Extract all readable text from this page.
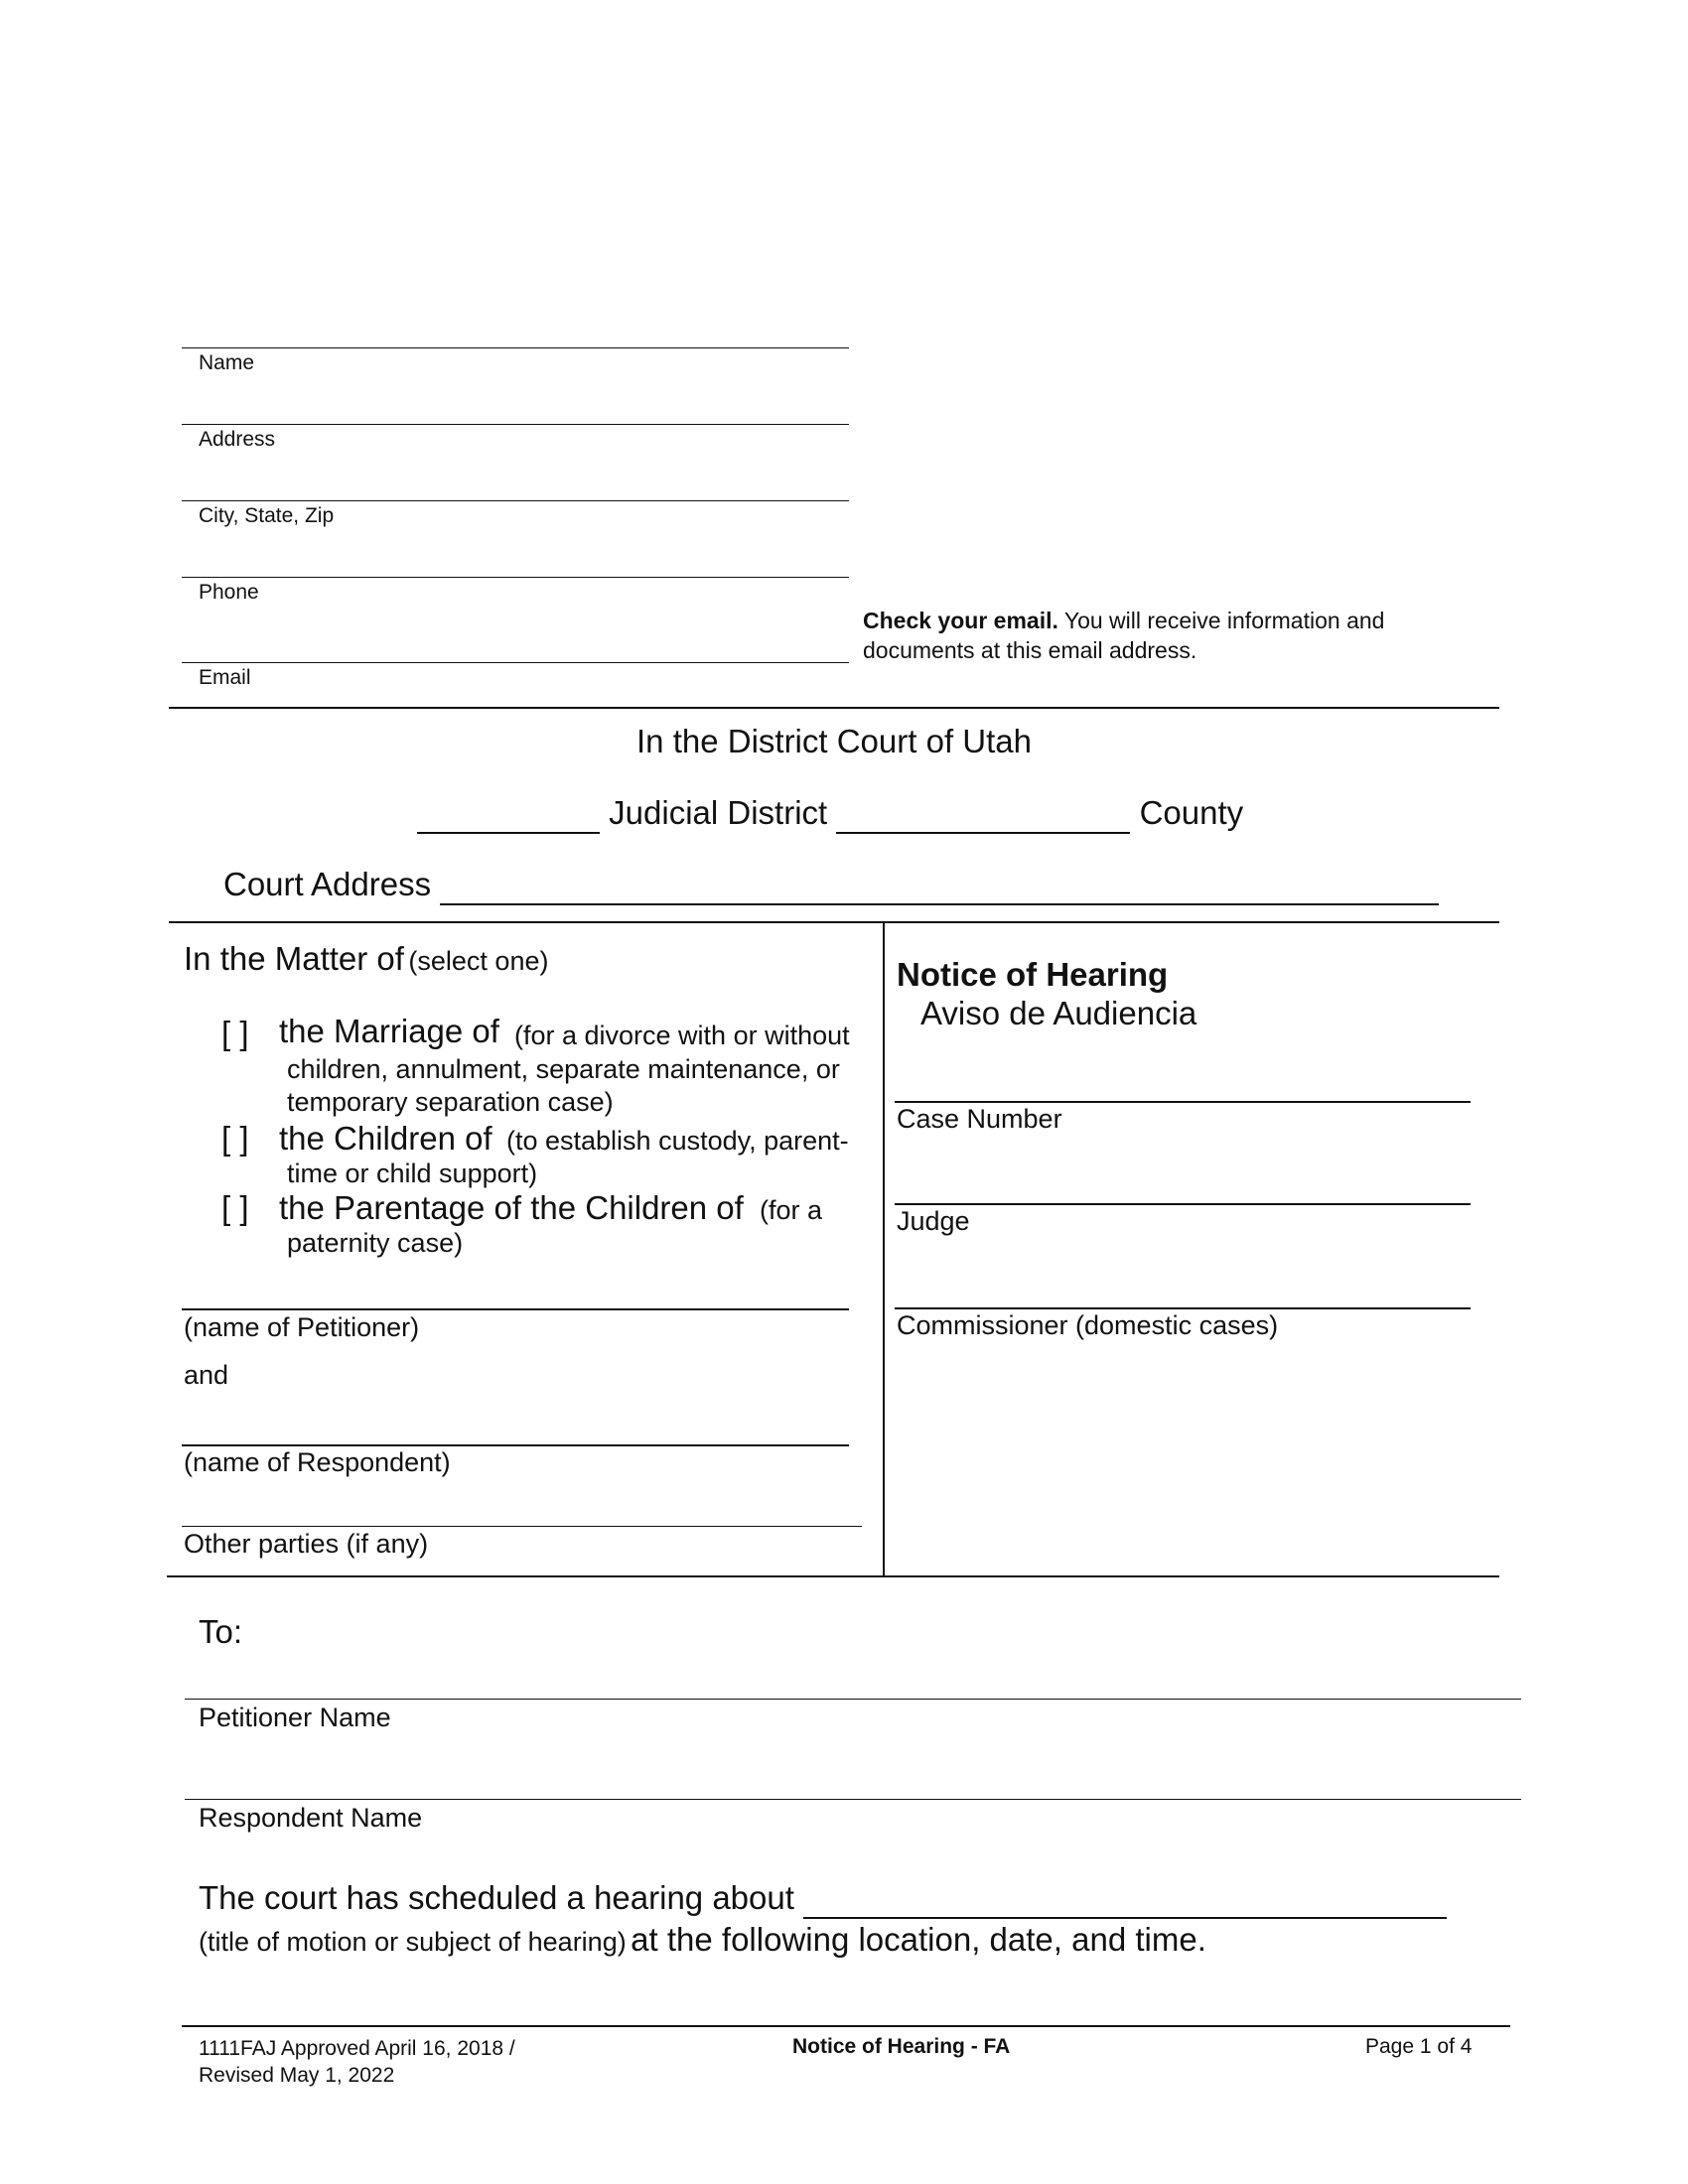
Name
Address
City, State, Zip
Phone
Email
Check your email. You will receive information and documents at this email address.
In the District Court of Utah
Judicial District	County
Court Address
In the Matter of (select one)
[ ] the Marriage of (for a divorce with or without
children, annulment, separate maintenance, or
temporary separation case)
[ ] the Children of (to establish custody, parent-
time or child support)
[ ] the Parentage of the Children of (for a
paternity case)
(name of Petitioner)
and
(name of Respondent)
Other parties (if any)
Notice of Hearing
Aviso de Audiencia
Case Number
Judge
Commissioner (domestic cases)
To:
Petitioner Name
Respondent Name
The court has scheduled a hearing about
(title of motion or subject of hearing) at the following location, date, and time.
1111FAJ Approved April 16, 2018 /
Revised May 1, 2022
Notice of Hearing - FA	Page 1 of 4
